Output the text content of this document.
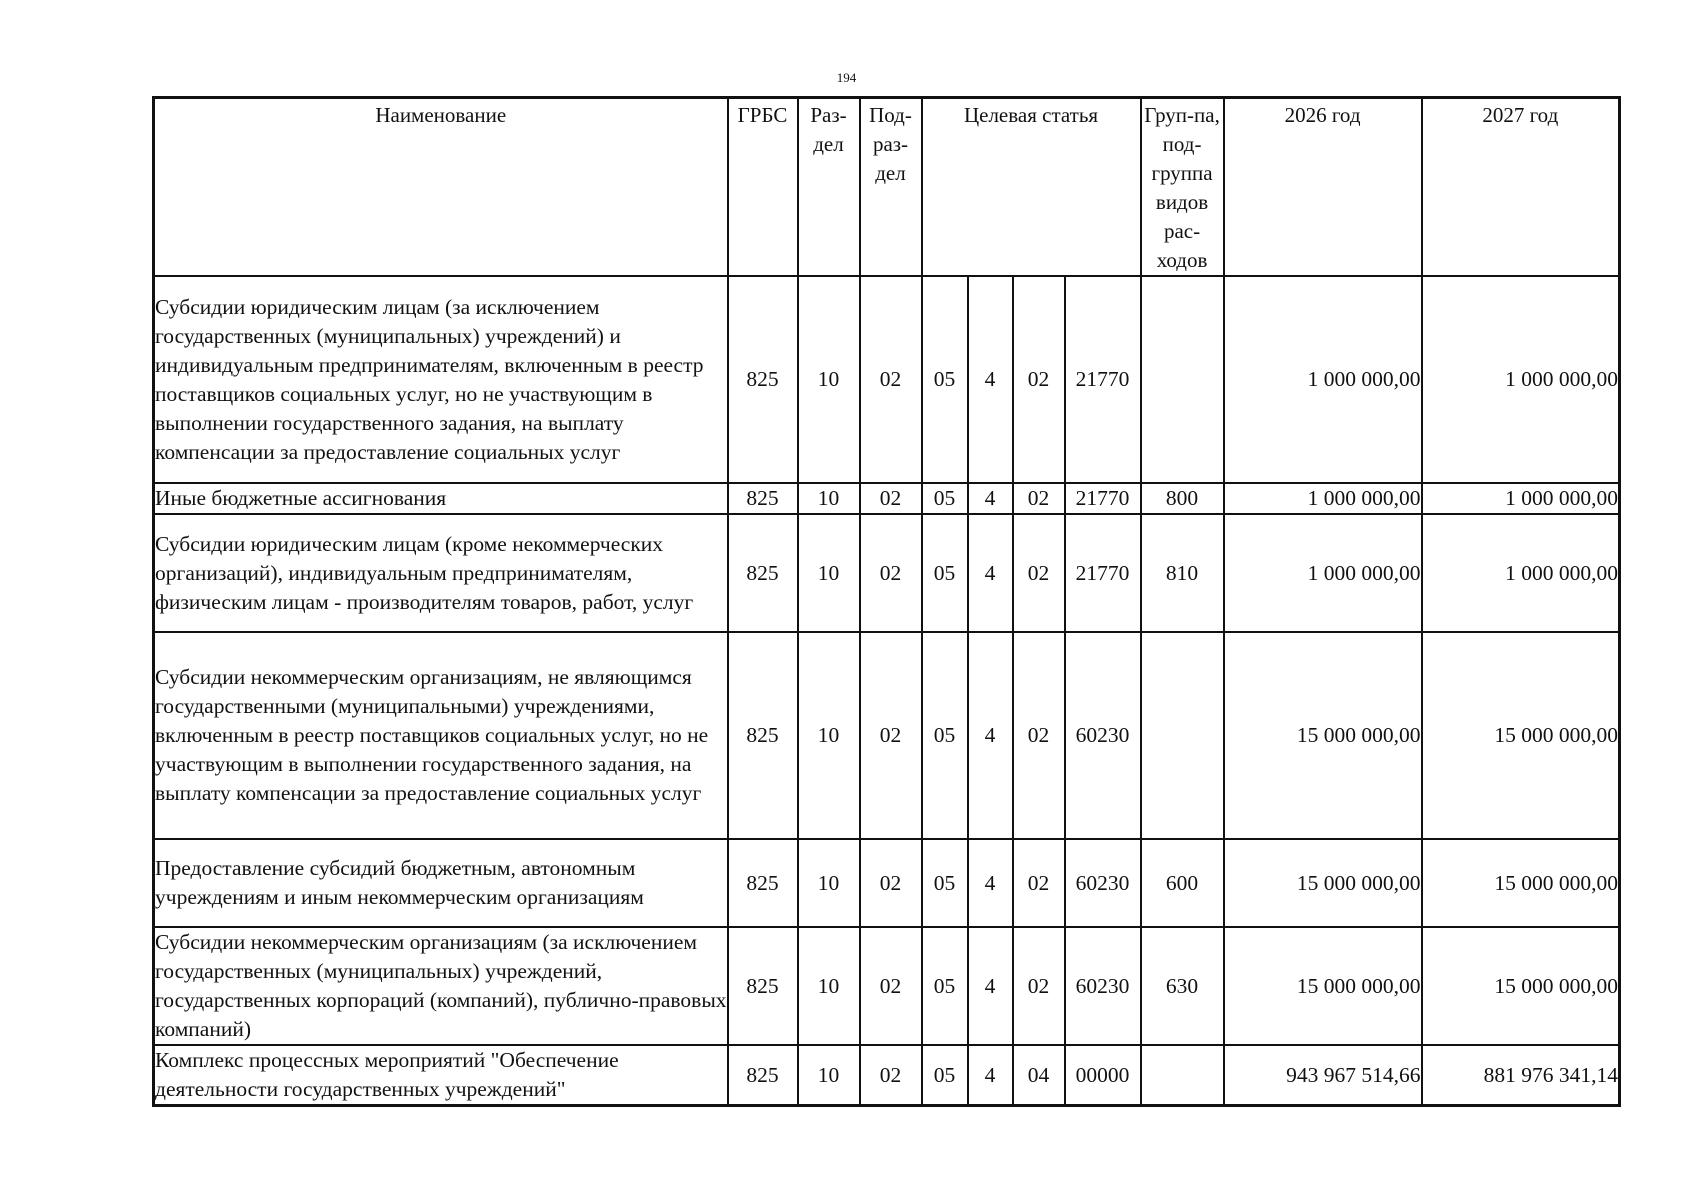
194
Наименование	ГРБС	Раз-дел	Под-раз-дел	Целевая статья				Груп-па, под-группа видов рас-ходов	2026 год	2027 год
Субсидии юридическим лицам (за исключением государственных (муниципальных) учреждений) и индивидуальным предпринимателям, включенным в реестр поставщиков социальных услуг, но не участвующим в выполнении государственного задания, на выплату компенсации за предоставление социальных услуг	825	10	02	05	4	02	21770		1 000 000,00	1 000 000,00
Иные бюджетные ассигнования	825	10	02	05	4	02	21770	800	1 000 000,00	1 000 000,00
Субсидии юридическим лицам (кроме некоммерческих организаций), индивидуальным предпринимателям, физическим лицам - производителям товаров, работ, услуг	825	10	02	05	4	02	21770	810	1 000 000,00	1 000 000,00
Субсидии некоммерческим организациям, не являющимся государственными (муниципальными) учреждениями, включенным в реестр поставщиков социальных услуг, но не участвующим в выполнении государственного задания, на выплату компенсации за предоставление социальных услуг	825	10	02	05	4	02	60230		15 000 000,00	15 000 000,00
Предоставление субсидий бюджетным, автономным учреждениям и иным некоммерческим организациям	825	10	02	05	4	02	60230	600	15 000 000,00	15 000 000,00
Субсидии некоммерческим организациям (за исключением государственных (муниципальных) учреждений, государственных корпораций (компаний), публично-правовых компаний)	825	10	02	05	4	02	60230	630	15 000 000,00	15 000 000,00
Комплекс процессных мероприятий "Обеспечение деятельности государственных учреждений"	825	10	02	05	4	04	00000		943 967 514,66	881 976 341,14
